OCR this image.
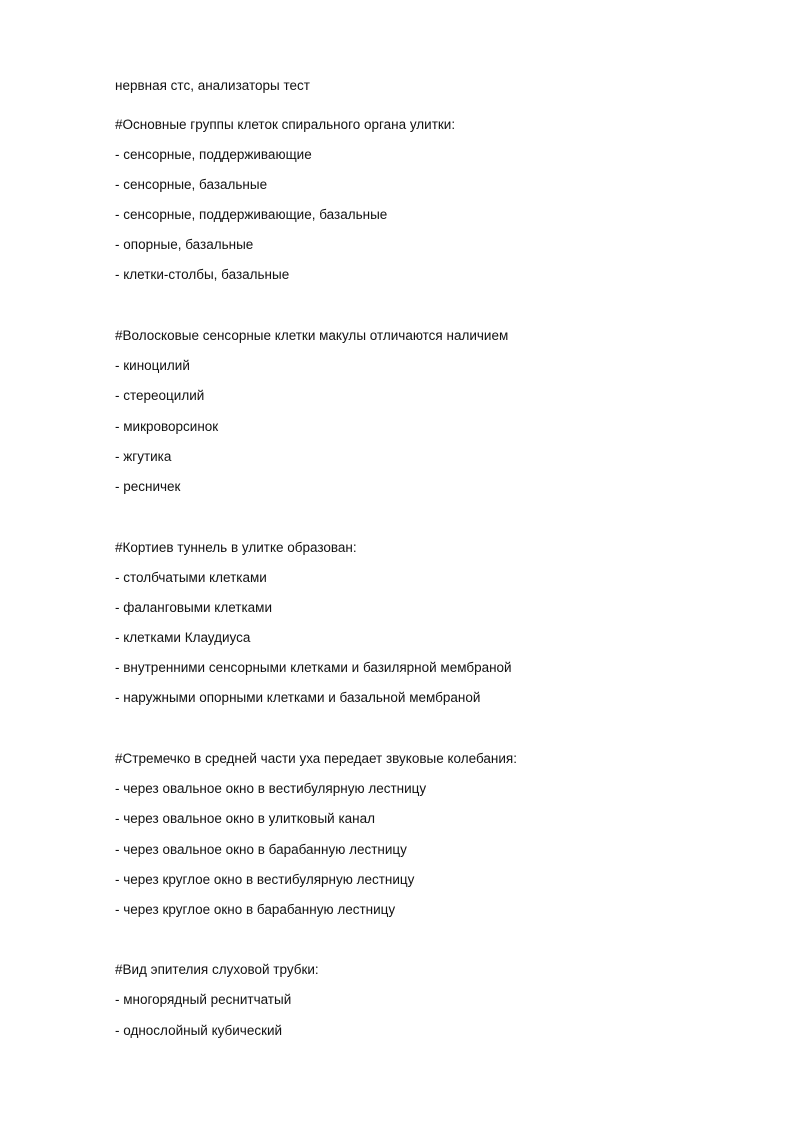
нервная стс, анализаторы тест
#Основные группы клеток спирального органа улитки:
- сенсорные, поддерживающие
- сенсорные, базальные
- сенсорные, поддерживающие, базальные
- опорные, базальные
- клетки-столбы, базальные
#Волосковые сенсорные клетки макулы отличаются наличием
- киноцилий
- стереоцилий
- микроворсинок
- жгутика
- ресничек
#Кортиев туннель в улитке образован:
- столбчатыми клетками
- фаланговыми клетками
- клетками Клаудиуса
- внутренними сенсорными клетками и базилярной мембраной
- наружными опорными клетками и базальной мембраной
#Стремечко в средней части уха передает звуковые колебания:
- через овальное окно в вестибулярную лестницу
- через овальное окно в улитковый канал
- через овальное окно в барабанную лестницу
- через круглое окно в вестибулярную лестницу
- через круглое окно в барабанную лестницу
#Вид эпителия слуховой трубки:
- многорядный реснитчатый
- однослойный кубический
